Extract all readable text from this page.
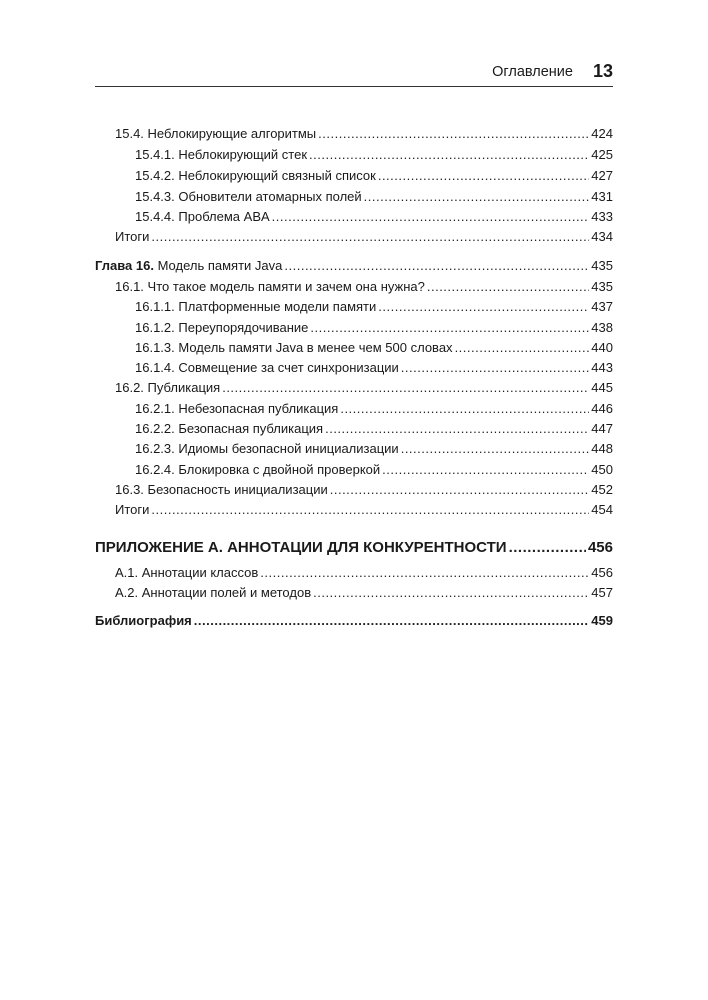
Оглавление 13
15.4. Неблокирующие алгоритмы .....	424
15.4.1. Неблокирующий стек .....	425
15.4.2. Неблокирующий связный список .....	427
15.4.3. Обновители атомарных полей .....	431
15.4.4. Проблема ABA .....	433
Итоги .....	434
Глава 16. Модель памяти Java .....	435
16.1. Что такое модель памяти и зачем она нужна? .....	435
16.1.1. Платформенные модели памяти .....	437
16.1.2. Переупорядочивание .....	438
16.1.3. Модель памяти Java в менее чем 500 словах .....	440
16.1.4. Совмещение за счет синхронизации .....	443
16.2. Публикация .....	445
16.2.1. Небезопасная публикация .....	446
16.2.2. Безопасная публикация .....	447
16.2.3. Идиомы безопасной инициализации .....	448
16.2.4. Блокировка с двойной проверкой .....	450
16.3. Безопасность инициализации .....	452
Итоги .....	454
ПРИЛОЖЕНИЕ А. АННОТАЦИИ ДЛЯ КОНКУРЕНТНОСТИ .....	456
А.1. Аннотации классов .....	456
А.2. Аннотации полей и методов .....	457
Библиография .....	459
